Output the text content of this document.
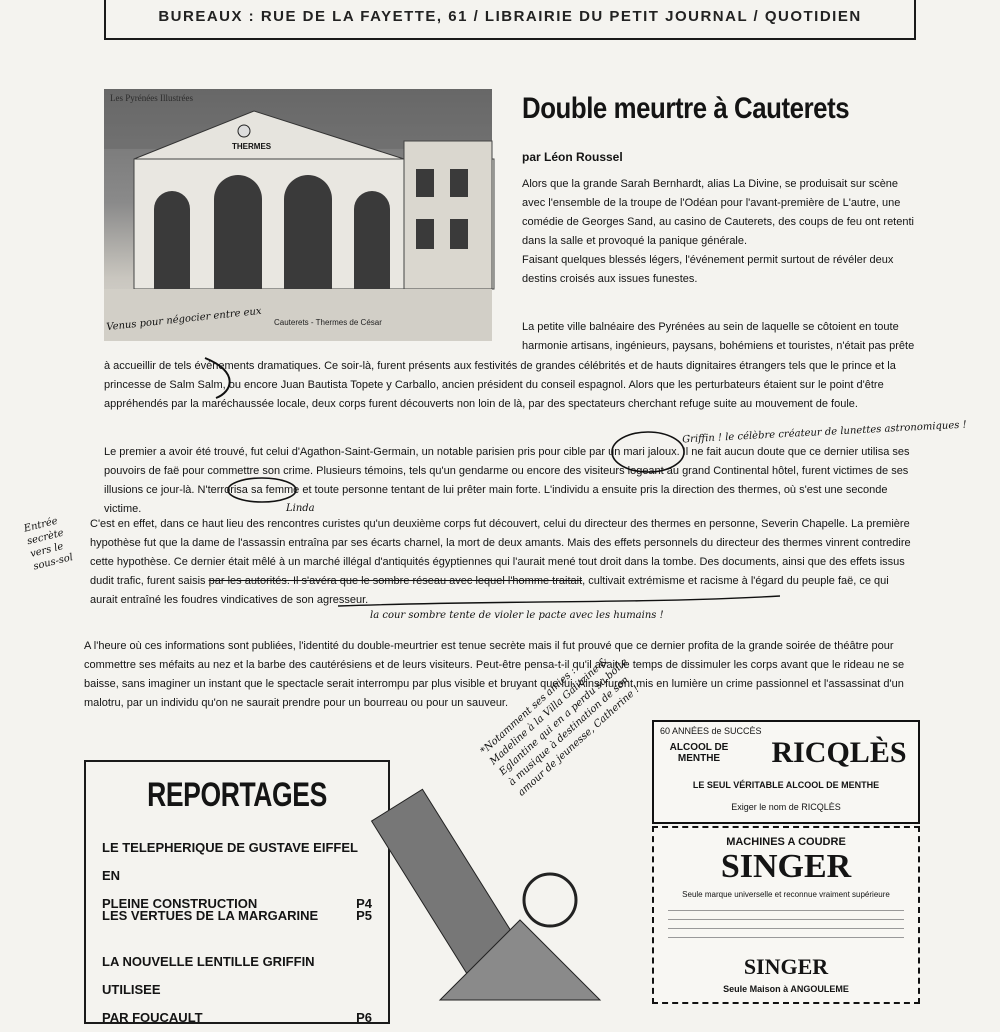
BUREAUX : RUE DE LA FAYETTE, 61 / LIBRAIRIE DU PETIT JOURNAL / QUOTIDIEN
Les Pyrénées Illustrées
THERMES
Cauterets - Thermes de César
Venus pour négocier entre eux
Double meurtre à Cauterets
par Léon Roussel

Alors que la grande Sarah Bernhardt, alias La Divine, se produisait sur scène avec l'ensemble de la troupe de l'Odéan pour l'avant-première de L'autre, une comédie de Georges Sand, au casino de Cauterets, des coups de feu ont retenti dans la salle et provoqué la panique générale.

Faisant quelques blessés légers, l'événement permit surtout de révéler deux destins croisés aux issues funestes.

La petite ville balnéaire des Pyrénées au sein de laquelle se côtoient en toute harmonie artisans, ingénieurs, paysans, bohémiens et touristes, n'était pas prête
à accueillir de tels événements dramatiques. Ce soir-là, furent présents aux festivités de grandes célébrités et de hauts dignitaires étrangers tels que le prince et la princesse de Salm Salm, ou encore Juan Bautista Topete y Carballo, ancien président du conseil espagnol. Alors que les perturbateurs étaient sur le point d'être appréhendés par la maréchaussée locale, deux corps furent découverts non loin de là, par des spectateurs cherchant refuge suite au mouvement de foule.
Le premier a avoir été trouvé, fut celui d'Agathon-Saint-Germain, un notable parisien pris pour cible par un mari jaloux. Il ne fait aucun doute que ce dernier utilisa ses pouvoirs de faë pour commettre son crime. Plusieurs témoins, tels qu'un gendarme ou encore des visiteurs logeant au grand Continental hôtel, furent victimes de ses illusions ce jour-là. N'terrorisa sa femme et toute personne tentant de lui prêter main forte. L'individu a ensuite pris la direction des thermes, où s'est une seconde victime.
C'est en effet, dans ce haut lieu des rencontres curistes qu'un deuxième corps fut découvert, celui du directeur des thermes en personne, Severin Chapelle. La première hypothèse fut que la dame de l'assassin entraîna par ses écarts charnel, la mort de deux amants. Mais des effets personnels du directeur des thermes vinrent contredire cette hypothèse. Ce dernier était mêlé à un marché illégal d'antiquités égyptiennes qui l'aurait mené tout droit dans la tombe. Des documents, ainsi que des effets issus dudit trafic, furent saisis par les autorités. Il s'avéra que le sombre réseau avec lequel l'homme traitait, cultivait extrémisme et racisme à l'égard du peuple faë, ce qui aurait entraîné les foudres vindicatives de son agresseur.
A l'heure où ces informations sont publiées, l'identité du double-meurtrier est tenue secrète mais il fut prouvé que ce dernier profita de la grande soirée de théâtre pour commettre ses méfaits au nez et la barbe des cautérésiens et de leurs visiteurs. Peut-être pensa-t-il qu'il avait le temps de dissimuler les corps avant que le rideau ne se baisse, sans imaginer un instant que le spectacle serait interrompu par plus visible et bruyant que lui. Ainsi furent mis en lumière un crime passionnel et l'assassinat d'un malotru, par un individu qu'on ne saurait prendre pour un bourreau ou pour un sauveur.
Griffin ! le célèbre créateur de lunettes astronomiques !
Linda
Entrée secrète vers le sous-sol
la cour sombre tente de violer le pacte avec les humains !
REPORTAGES
LE TELEPHERIQUE DE GUSTAVE EIFFEL EN
PLEINE CONSTRUCTION	P4
LES VERTUES DE LA MARGARINE	P5
LA NOUVELLE LENTILLE GRIFFIN UTILISEE
PAR FOUCAULT	P6
*Notamment ses amies : Madeline à la Villa Galitzine & Eglantine qui en a perdu sa boîte à musique à destination de son amour de jeunesse, Catherine !	60 ANNÉES de SUCCÈS
ALCOOL DE MENTHE	RICQLÈS
LE SEUL VÉRITABLE ALCOOL DE MENTHE
Exiger le nom de RICQLÈS
MACHINES A COUDRE
SINGER
Seule marque universelle et reconnue vraiment supérieure
SINGER
Seule Maison à ANGOULEME
